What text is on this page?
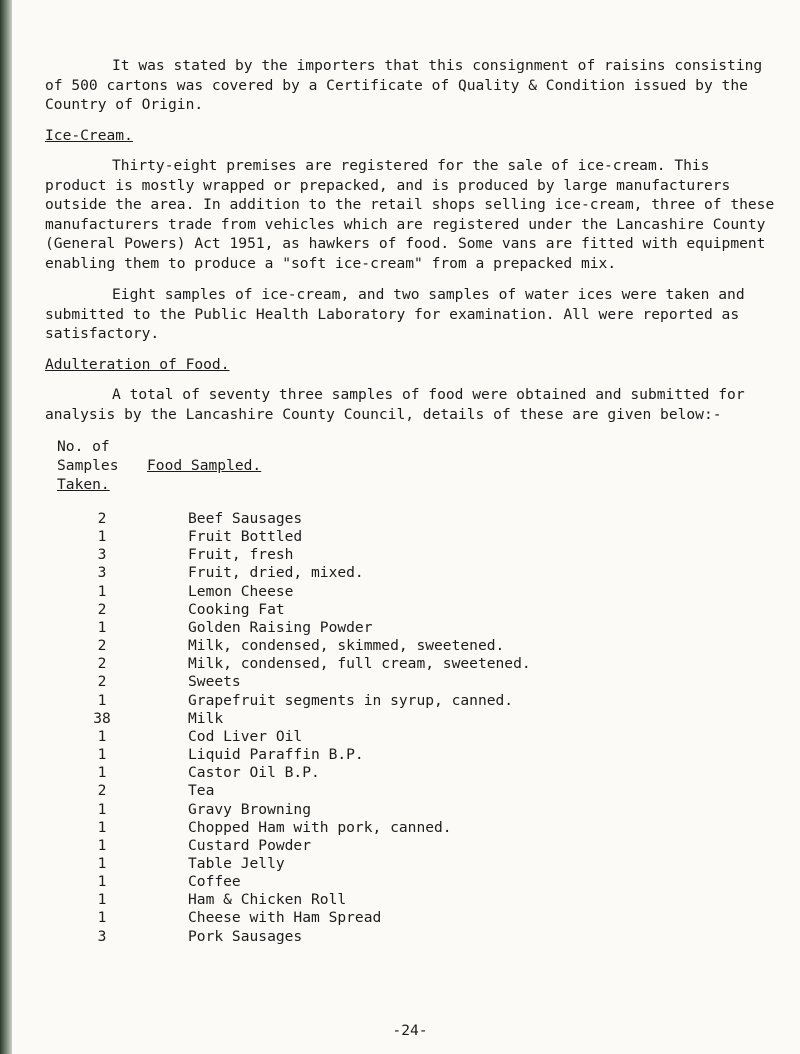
It was stated by the importers that this consignment of raisins consisting of 500 cartons was covered by a Certificate of Quality & Condition issued by the Country of Origin.

Ice-Cream.

Thirty-eight premises are registered for the sale of ice-cream. This product is mostly wrapped or prepacked, and is produced by large manufacturers outside the area. In addition to the retail shops selling ice-cream, three of these manufacturers trade from vehicles which are registered under the Lancashire County (General Powers) Act 1951, as hawkers of food. Some vans are fitted with equipment enabling them to produce a "soft ice-cream" from a prepacked mix.

Eight samples of ice-cream, and two samples of water ices were taken and submitted to the Public Health Laboratory for examination. All were reported as satisfactory.

Adulteration of Food.

A total of seventy three samples of food were obtained and submitted for analysis by the Lancashire County Council, details of these are given below:-

No. of
Samples
Taken.	Food Sampled.

2	Beef Sausages
1	Fruit Bottled
3	Fruit, fresh
3	Fruit, dried, mixed.
1	Lemon Cheese
2	Cooking Fat
1	Golden Raising Powder
2	Milk, condensed, skimmed, sweetened.
2	Milk, condensed, full cream, sweetened.
2	Sweets
1	Grapefruit segments in syrup, canned.
38	Milk
1	Cod Liver Oil
1	Liquid Paraffin B.P.
1	Castor Oil B.P.
2	Tea
1	Gravy Browning
1	Chopped Ham with pork, canned.
1	Custard Powder
1	Table Jelly
1	Coffee
1	Ham & Chicken Roll
1	Cheese with Ham Spread
3	Pork Sausages
-24-
